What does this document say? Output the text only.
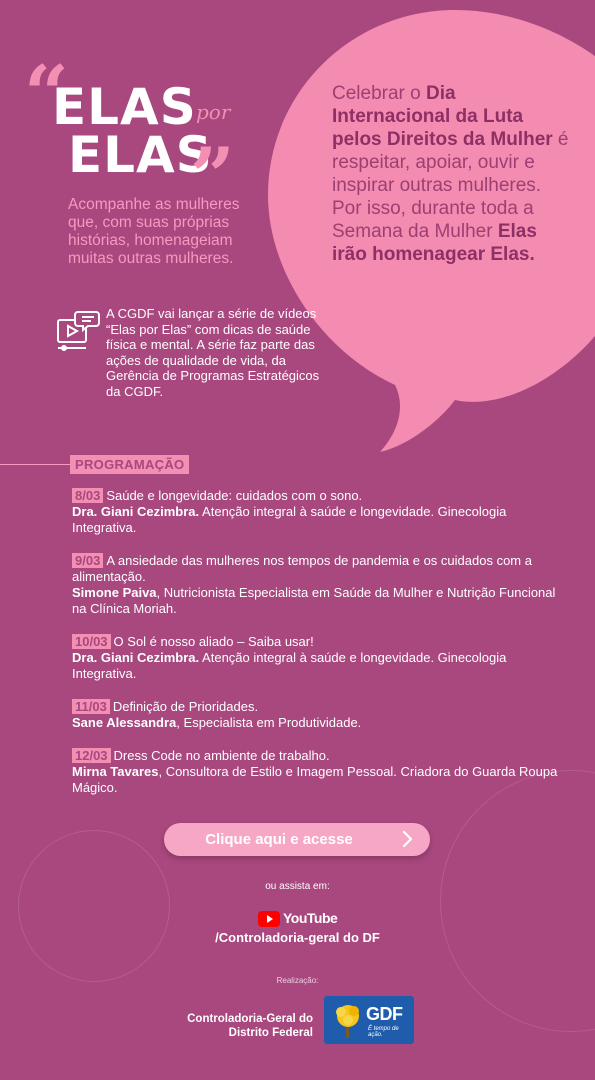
“
ELAS por
ELAS
”
Acompanhe as mulheres que, com suas próprias histórias, homenageiam muitas outras mulheres.
Celebrar o Dia Internacional da Luta pelos Direitos da Mulher é respeitar, apoiar, ouvir e inspirar outras mulheres. Por isso, durante toda a Semana da Mulher Elas irão homenagear Elas.
A CGDF vai lançar a série de vídeos “Elas por Elas” com dicas de saúde física e mental. A série faz parte das ações de qualidade de vida, da Gerência de Programas Estratégicos da CGDF.
PROGRAMAÇÃO
8/03 Saúde e longevidade: cuidados com o sono.
Dra. Giani Cezimbra. Atenção integral à saúde e longevidade. Ginecologia Integrativa.
9/03 A ansiedade das mulheres nos tempos de pandemia e os cuidados com a alimentação.
Simone Paiva, Nutricionista Especialista em Saúde da Mulher e Nutrição Funcional na Clínica Moriah.
10/03 O Sol é nosso aliado – Saiba usar!
Dra. Giani Cezimbra. Atenção integral à saúde e longevidade. Ginecologia Integrativa.
11/03 Definição de Prioridades.
Sane Alessandra, Especialista em Produtividade.
12/03 Dress Code no ambiente de trabalho.
Mirna Tavares, Consultora de Estilo e Imagem Pessoal. Criadora do Guarda Roupa Mágico.
Clique aqui e acesse
ou assista em:
YouTube
/Controladoria-geral do DF
Realização:
Controladoria-Geral do Distrito Federal
GDF
É tempo de ação.
